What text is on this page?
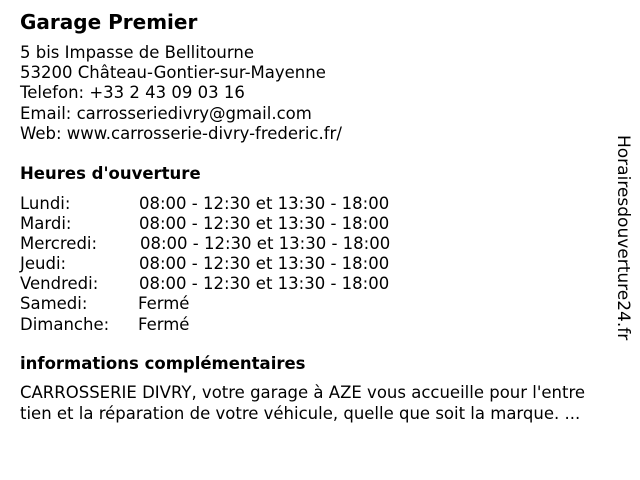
Garage Premier
5 bis Impasse de Bellitourne
53200 Château-Gontier-sur-Mayenne
Telefon: +33 2 43 09 03 16
Email: carrosseriedivry@gmail.com
Web: www.carrosserie-divry-frederic.fr/
Heures d'ouverture
Lundi:	08:00 - 12:30 et 13:30 - 18:00
Mardi:	08:00 - 12:30 et 13:30 - 18:00
Mercredi:	08:00 - 12:30 et 13:30 - 18:00
Jeudi:	08:00 - 12:30 et 13:30 - 18:00
Vendredi: 08:00 - 12:30 et 13:30 - 18:00
Samedi:	Fermé
Dimanche: Fermé
informations complémentaires
CARROSSERIE DIVRY, votre garage à AZE vous accueille pour l'entre
tien et la réparation de votre véhicule, quelle que soit la marque. ...
Horairesdouverture24.fr
